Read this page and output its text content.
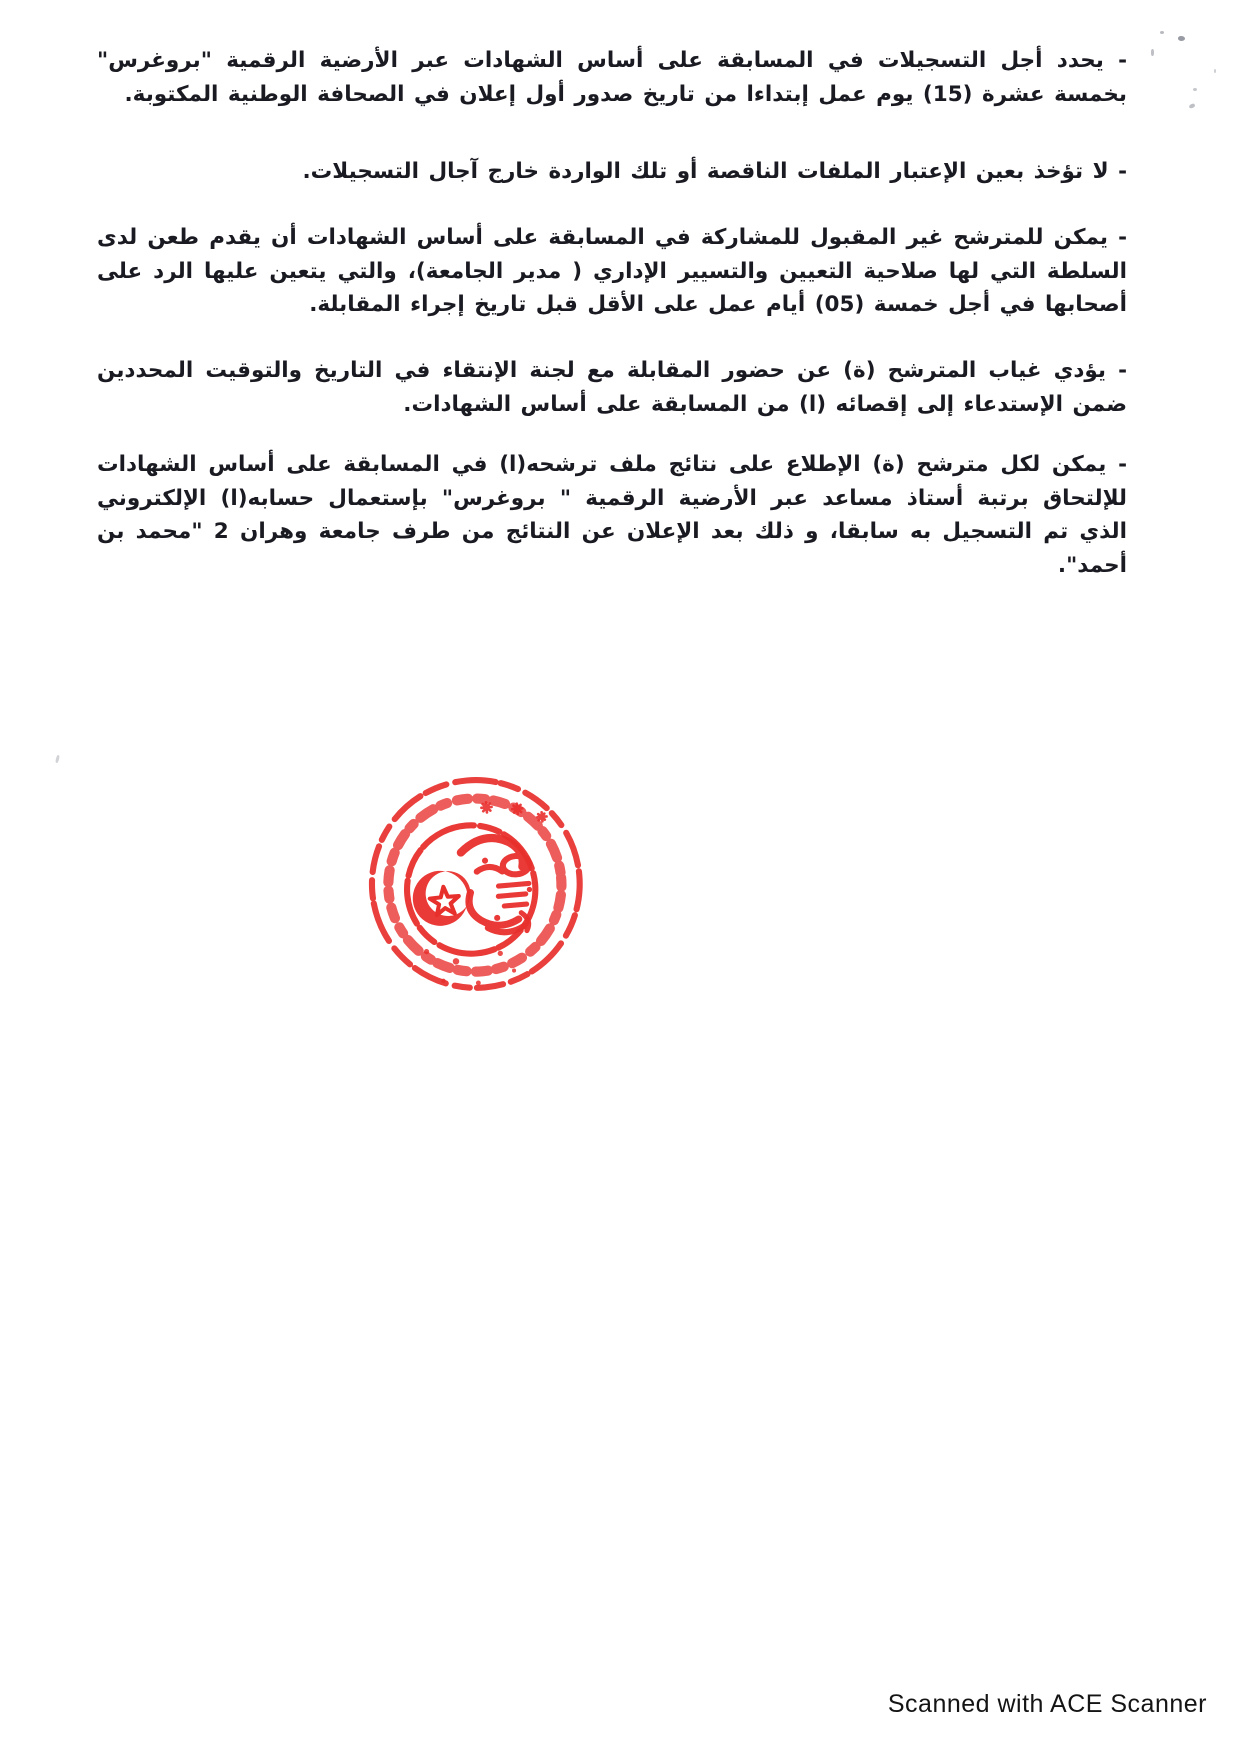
- يحدد أجل التسجيلات في المسابقة على أساس الشهادات عبر الأرضية الرقمية "بروغرس" بخمسة عشرة (15) يوم عمل إبتداءا من تاريخ صدور أول إعلان في الصحافة الوطنية المكتوبة.

- لا تؤخذ بعين الإعتبار الملفات الناقصة أو تلك الواردة خارج آجال التسجيلات.

- يمكن للمترشح غير المقبول للمشاركة في المسابقة على أساس الشهادات أن يقدم طعن لدى السلطة التي لها صلاحية التعيين والتسيير الإداري ( مدير الجامعة)، والتي يتعين عليها الرد على أصحابها في أجل خمسة (05) أيام عمل على الأقل قبل تاريخ إجراء المقابلة.

- يؤدي غياب المترشح (ة) عن حضور المقابلة مع لجنة الإنتقاء في التاريخ والتوقيت المحددين ضمن الإستدعاء إلى إقصائه (ا) من المسابقة على أساس الشهادات.

- يمكن لكل مترشح (ة) الإطلاع على نتائج ملف ترشحه(ا) في المسابقة على أساس الشهادات للإلتحاق برتبة أستاذ مساعد عبر الأرضية الرقمية " بروغرس" بإستعمال حسابه(ا) الإلكتروني الذي تم التسجيل به سابقا، و ذلك بعد الإعلان عن النتائج من طرف جامعة وهران 2 "محمد بن أحمد".

Scanned with ACE Scanner
